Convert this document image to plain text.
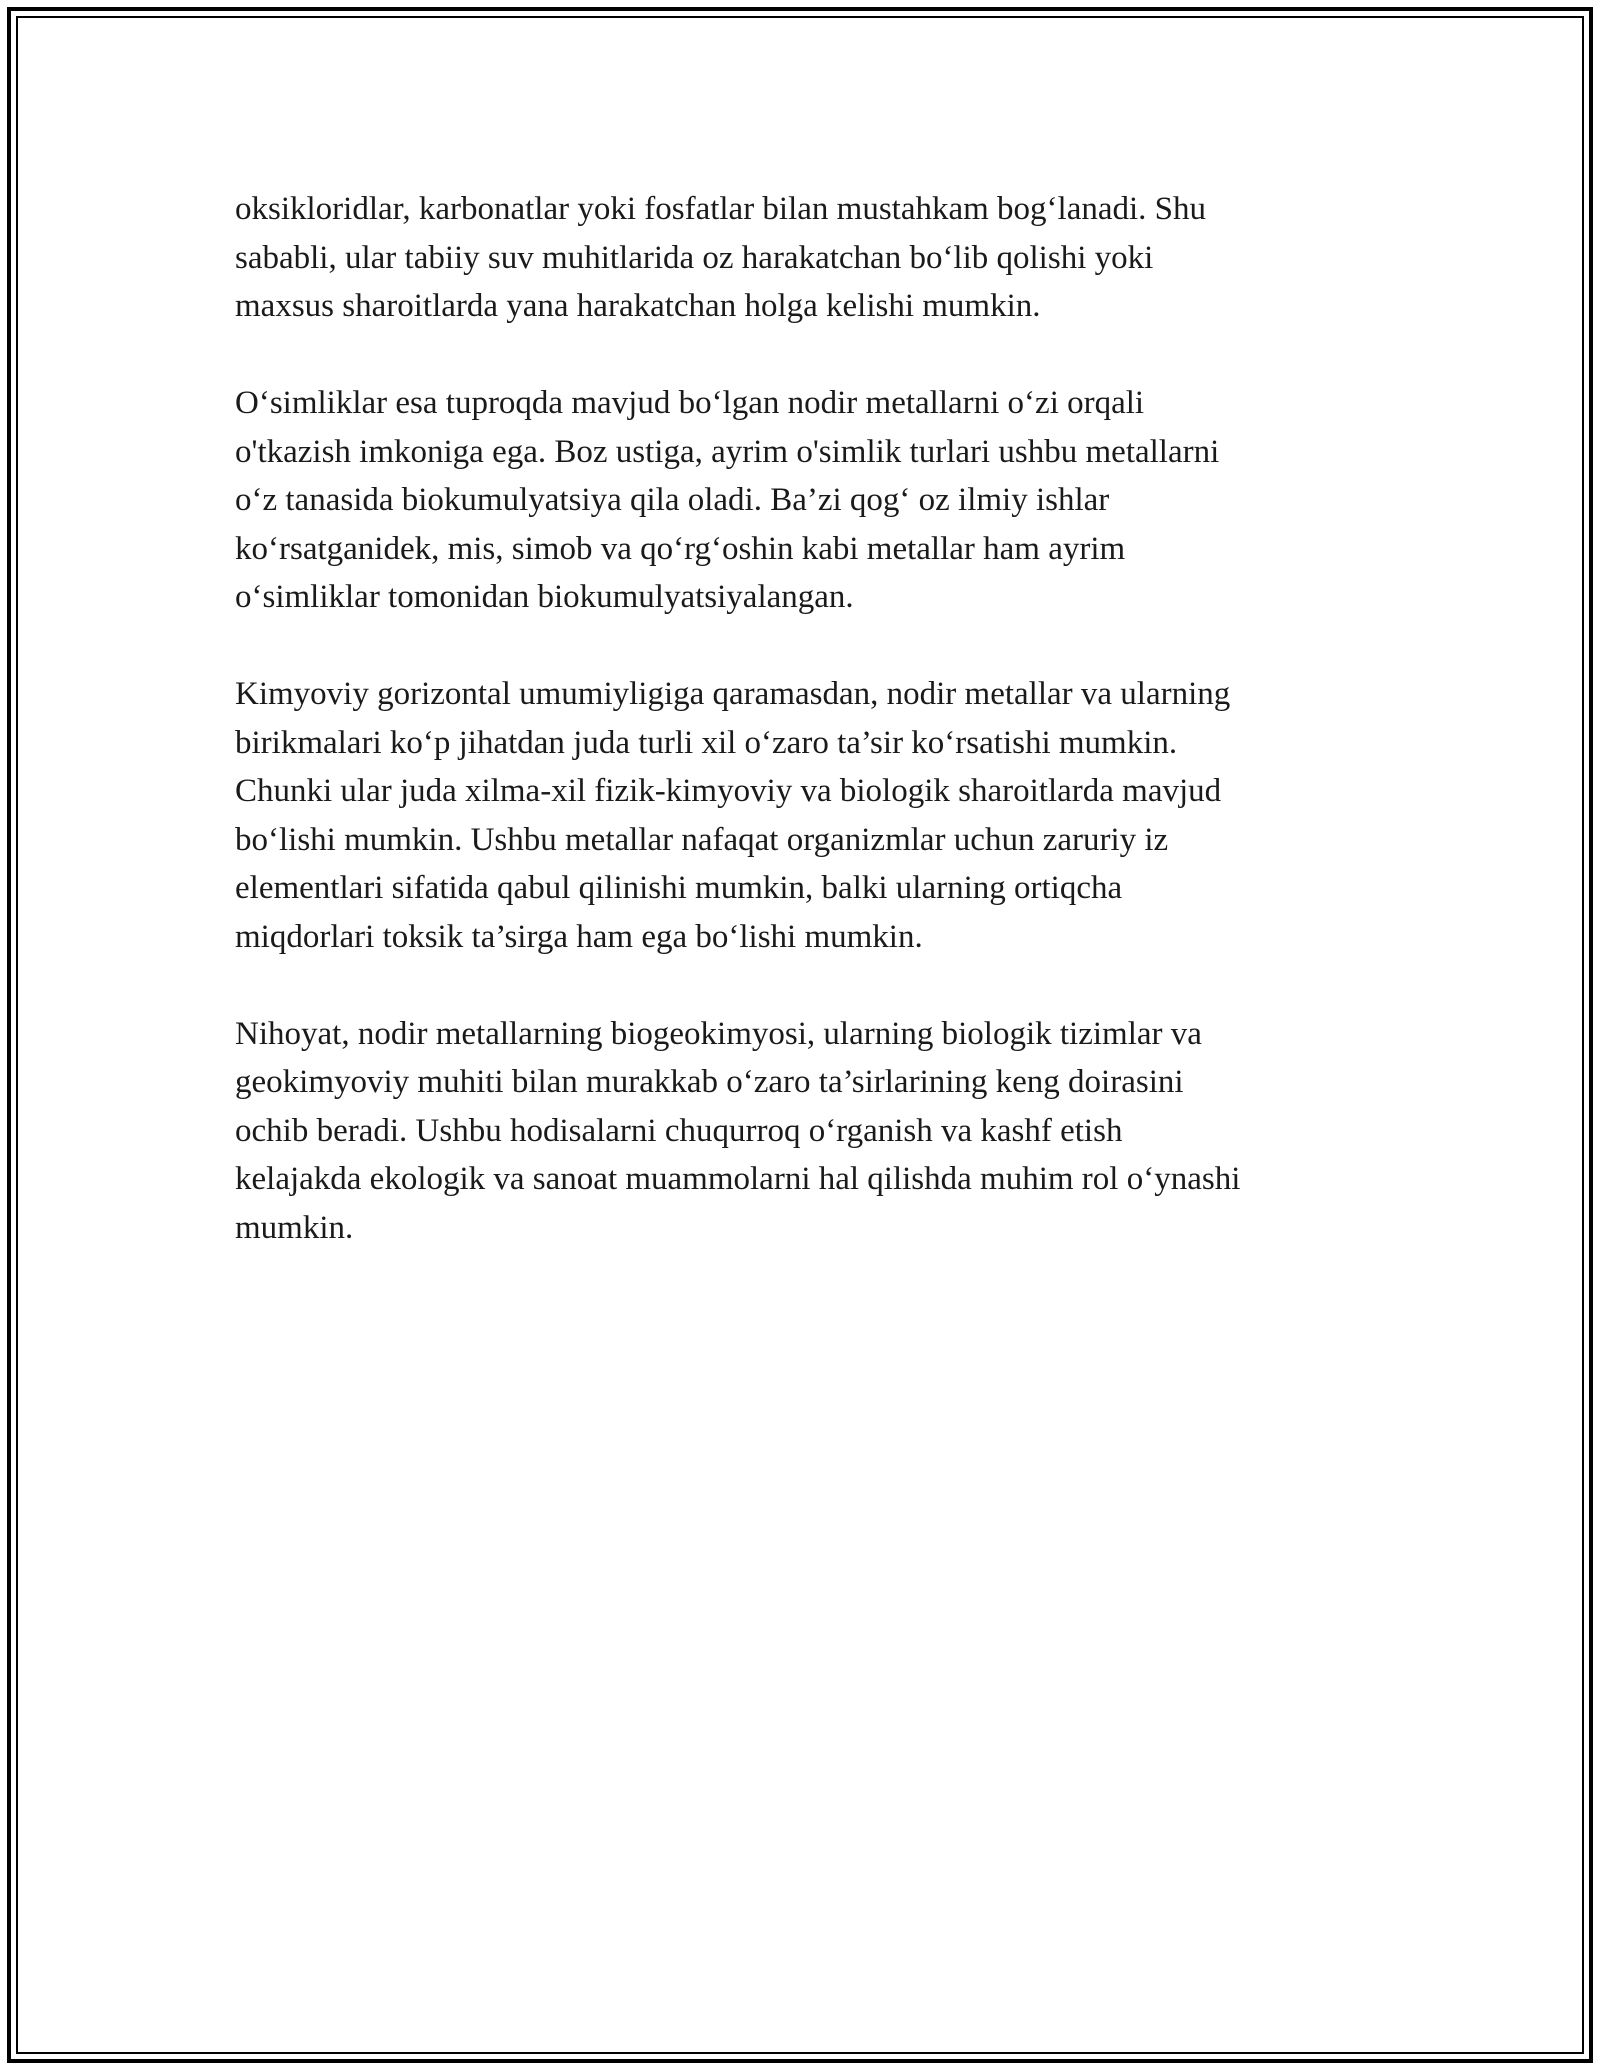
oksikloridlar, karbonatlar yoki fosfatlar bilan mustahkam bog‘lanadi. Shu
sababli, ular tabiiy suv muhitlarida oz harakatchan bo‘lib qolishi yoki
maxsus sharoitlarda yana harakatchan holga kelishi mumkin.
O‘simliklar esa tuproqda mavjud bo‘lgan nodir metallarni o‘zi orqali
o'tkazish imkoniga ega. Boz ustiga, ayrim o'simlik turlari ushbu metallarni
o‘z tanasida biokumulyatsiya qila oladi. Ba’zi qog‘ oz ilmiy ishlar
ko‘rsatganidek, mis, simob va qo‘rg‘oshin kabi metallar ham ayrim
o‘simliklar tomonidan biokumulyatsiyalangan.
Kimyoviy gorizontal umumiyligiga qaramasdan, nodir metallar va ularning
birikmalari ko‘p jihatdan juda turli xil o‘zaro ta’sir ko‘rsatishi mumkin.
Chunki ular juda xilma-xil fizik-kimyoviy va biologik sharoitlarda mavjud
bo‘lishi mumkin. Ushbu metallar nafaqat organizmlar uchun zaruriy iz
elementlari sifatida qabul qilinishi mumkin, balki ularning ortiqcha
miqdorlari toksik ta’sirga ham ega bo‘lishi mumkin.
Nihoyat, nodir metallarning biogeokimyosi, ularning biologik tizimlar va
geokimyoviy muhiti bilan murakkab o‘zaro ta’sirlarining keng doirasini
ochib beradi. Ushbu hodisalarni chuqurroq o‘rganish va kashf etish
kelajakda ekologik va sanoat muammolarni hal qilishda muhim rol o‘ynashi
mumkin.
